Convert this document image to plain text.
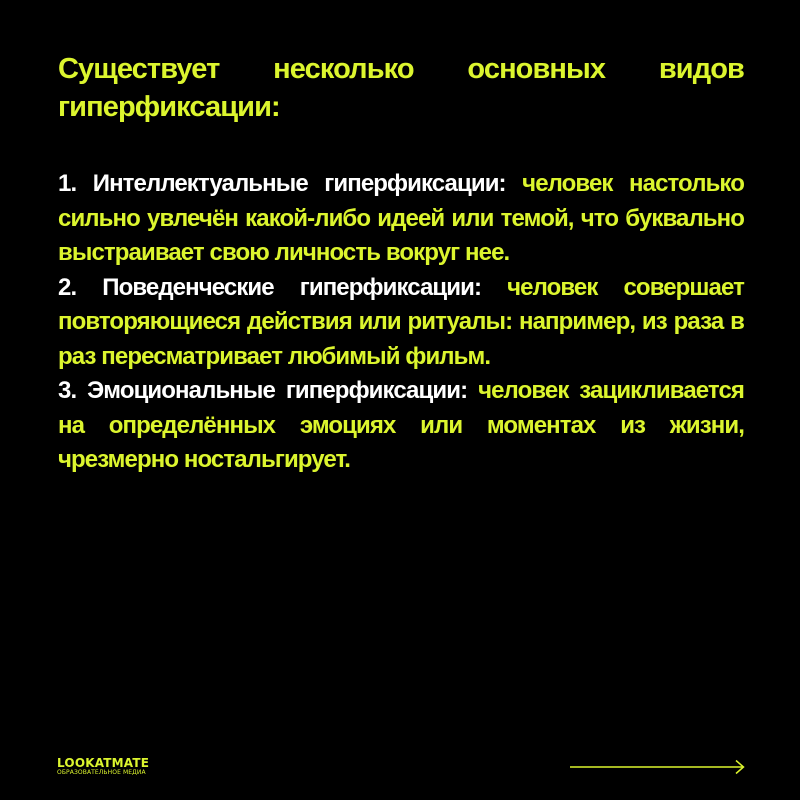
Существует несколько основных видов гиперфиксации:

1. Интеллектуальные гиперфиксации: человек настолько сильно увлечён какой-либо идеей или темой, что буквально выстраивает свою личность вокруг нее.

2. Поведенческие гиперфиксации: человек совершает повторяющиеся действия или ритуалы: например, из раза в раз пересматривает любимый фильм.

3. Эмоциональные гиперфиксации: человек зацикливается на определённых эмоциях или моментах из жизни, чрезмерно ностальгирует.

LOOKATMATE
ОБРАЗОВАТЕЛЬНОЕ МЕДИА
